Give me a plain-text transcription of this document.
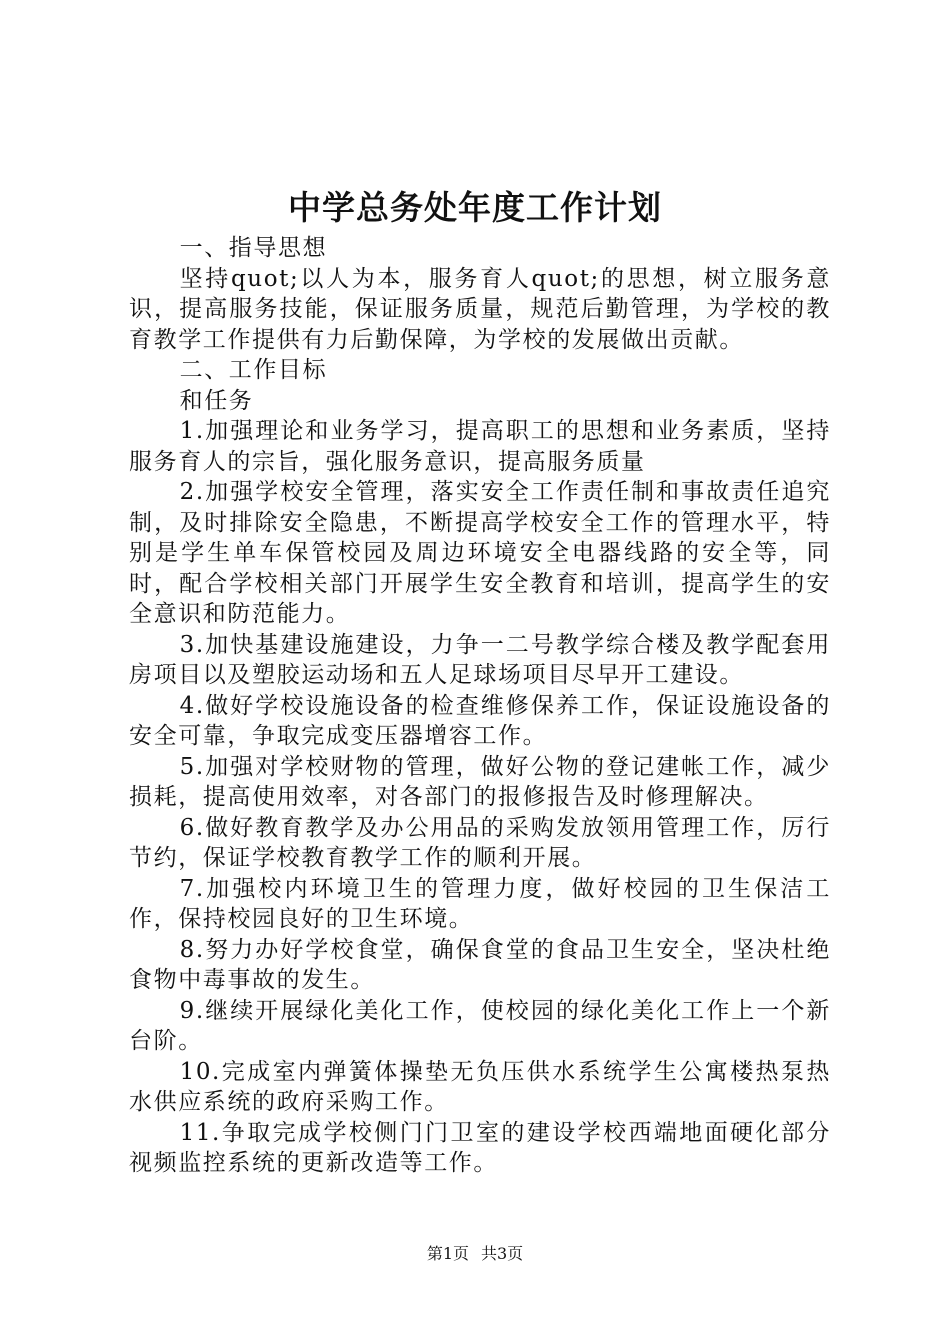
中学总务处年度工作计划

一、指导思想

坚持quot;以人为本，服务育人quot;的思想，树立服务意识，提高服务技能，保证服务质量，规范后勤管理，为学校的教育教学工作提供有力后勤保障，为学校的发展做出贡献。

二、工作目标

和任务

1.加强理论和业务学习，提高职工的思想和业务素质，坚持服务育人的宗旨，强化服务意识，提高服务质量

2.加强学校安全管理，落实安全工作责任制和事故责任追究制，及时排除安全隐患，不断提高学校安全工作的管理水平，特别是学生单车保管校园及周边环境安全电器线路的安全等，同时，配合学校相关部门开展学生安全教育和培训，提高学生的安全意识和防范能力。

3.加快基建设施建设，力争一二号教学综合楼及教学配套用房项目以及塑胶运动场和五人足球场项目尽早开工建设。

4.做好学校设施设备的检查维修保养工作，保证设施设备的安全可靠，争取完成变压器增容工作。

5.加强对学校财物的管理，做好公物的登记建帐工作，减少损耗，提高使用效率，对各部门的报修报告及时修理解决。

6.做好教育教学及办公用品的采购发放领用管理工作，厉行节约，保证学校教育教学工作的顺利开展。

7.加强校内环境卫生的管理力度，做好校园的卫生保洁工作，保持校园良好的卫生环境。

8.努力办好学校食堂，确保食堂的食品卫生安全，坚决杜绝食物中毒事故的发生。

9.继续开展绿化美化工作，使校园的绿化美化工作上一个新台阶。

10.完成室内弹簧体操垫无负压供水系统学生公寓楼热泵热水供应系统的政府采购工作。

11.争取完成学校侧门门卫室的建设学校西端地面硬化部分视频监控系统的更新改造等工作。

第1页 共3页
